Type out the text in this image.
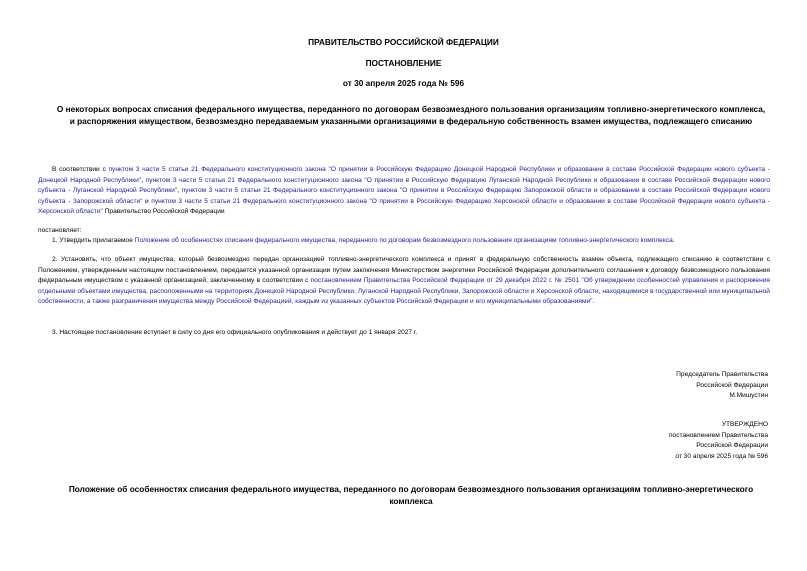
ПРАВИТЕЛЬСТВО РОССИЙСКОЙ ФЕДЕРАЦИИ
ПОСТАНОВЛЕНИЕ
от 30 апреля 2025 года № 596
О некоторых вопросах списания федерального имущества, переданного по договорам безвозмездного пользования организациям топливно-энергетического комплекса, и распоряжения имуществом, безвозмездно передаваемым указанными организациями в федеральную собственность взамен имущества, подлежащего списанию
В соответствии с пунктом 3 части 5 статьи 21 Федерального конституционного закона "О принятии в Российскую Федерацию Донецкой Народной Республики и образовании в составе Российской Федерации нового субъекта - Донецкой Народной Республики", пунктом 3 части 5 статьи 21 Федерального конституционного закона "О принятии в Российскую Федерацию Луганской Народной Республики и образовании в составе Российской Федерации нового субъекта - Луганской Народной Республики", пунктом 3 части 5 статьи 21 Федерального конституционного закона "О принятии в Российскую Федерацию Запорожской области и образовании в составе Российской Федерации нового субъекта - Запорожской области" и пунктом 3 части 5 статьи 21 Федерального конституционного закона "О принятии в Российскую Федерацию Херсонской области и образовании в составе Российской Федерации нового субъекта - Херсонской области" Правительство Российской Федерации
постановляет:
1. Утвердить прилагаемое Положение об особенностях списания федерального имущества, переданного по договорам безвозмездного пользования организациям топливно-энергетического комплекса.
2. Установить, что объект имущества, который безвозмездно передан организацией топливно-энергетического комплекса и принят в федеральную собственность взамен объекта, подлежащего списанию в соответствии с Положением, утвержденным настоящим постановлением, передается указанной организации путем заключения Министерством энергетики Российской Федерации дополнительного соглашения к договору безвозмездного пользования федеральным имуществом с указанной организацией, заключенному в соответствии с постановлением Правительства Российской Федерации от 29 декабря 2022 г. № 2501 "Об утверждении особенностей управления и распоряжения отдельными объектами имущества, расположенными на территориях Донецкой Народной Республики, Луганской Народной Республики, Запорожской области и Херсонской области, находящимися в государственной или муниципальной собственности, а также разграничения имущества между Российской Федерацией, каждым из указанных субъектов Российской Федерации и его муниципальными образованиями".
3. Настоящее постановление вступает в силу со дня его официального опубликования и действует до 1 января 2027 г.
Председатель Правительства
Российской Федерации
М.Мишустин
УТВЕРЖДЕНО
постановлением Правительства
Российской Федерации
от 30 апреля 2025 года № 596
Положение об особенностях списания федерального имущества, переданного по договорам безвозмездного пользования организациям топливно-энергетического комплекса
